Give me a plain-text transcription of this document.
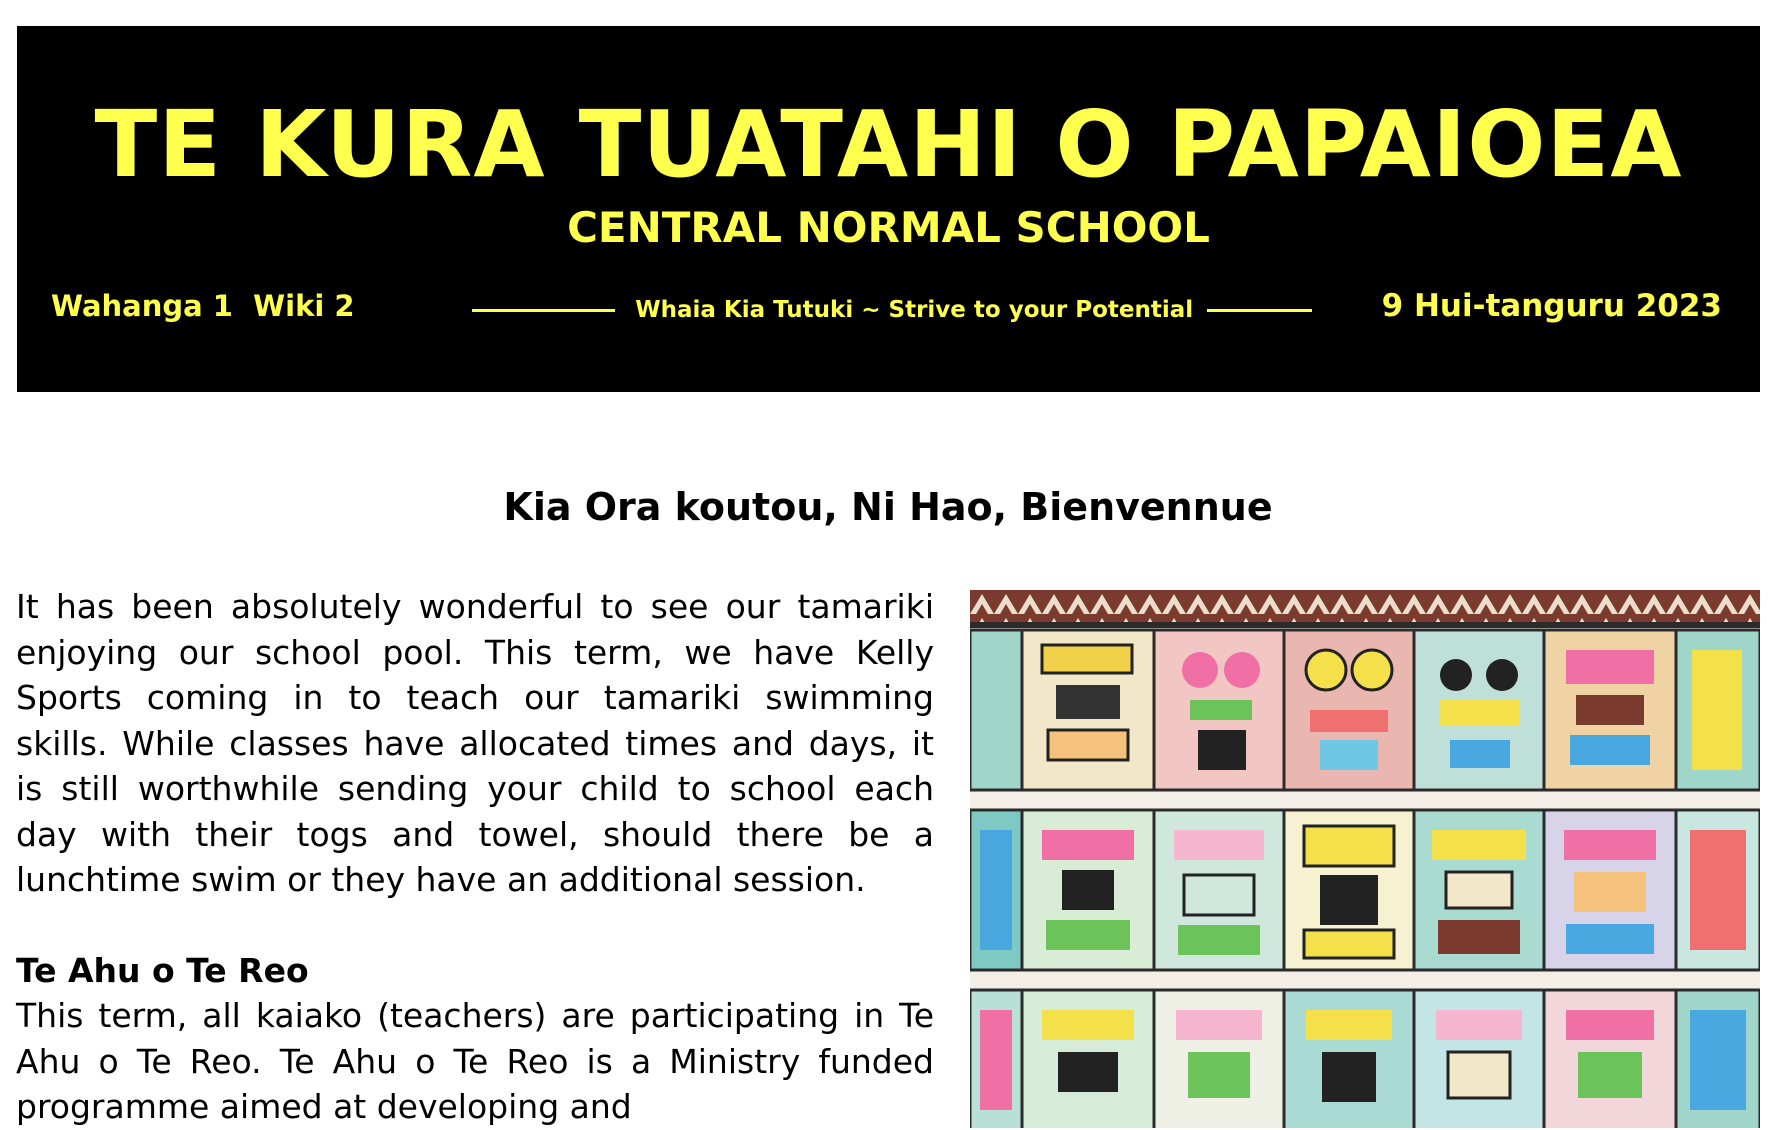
TE KURA TUATAHI O PAPAIOEA
CENTRAL NORMAL SCHOOL
Wahanga 1  Wiki 2	Whaia Kia Tutuki ~ Strive to your Potential	9 Hui-tanguru 2023
Kia Ora koutou, Ni Hao, Bienvennue

It has been absolutely wonderful to see our tamariki enjoying our school pool. This term, we have Kelly Sports coming in to teach our tamariki swimming skills. While classes have allocated times and days, it is still worthwhile sending your child to school each day with their togs and towel, should there be a lunchtime swim or they have an additional session.

Te Ahu o Te Reo

This term, all kaiako (teachers) are participating in Te Ahu o Te Reo. Te Ahu o Te Reo is a Ministry funded programme aimed at developing and
